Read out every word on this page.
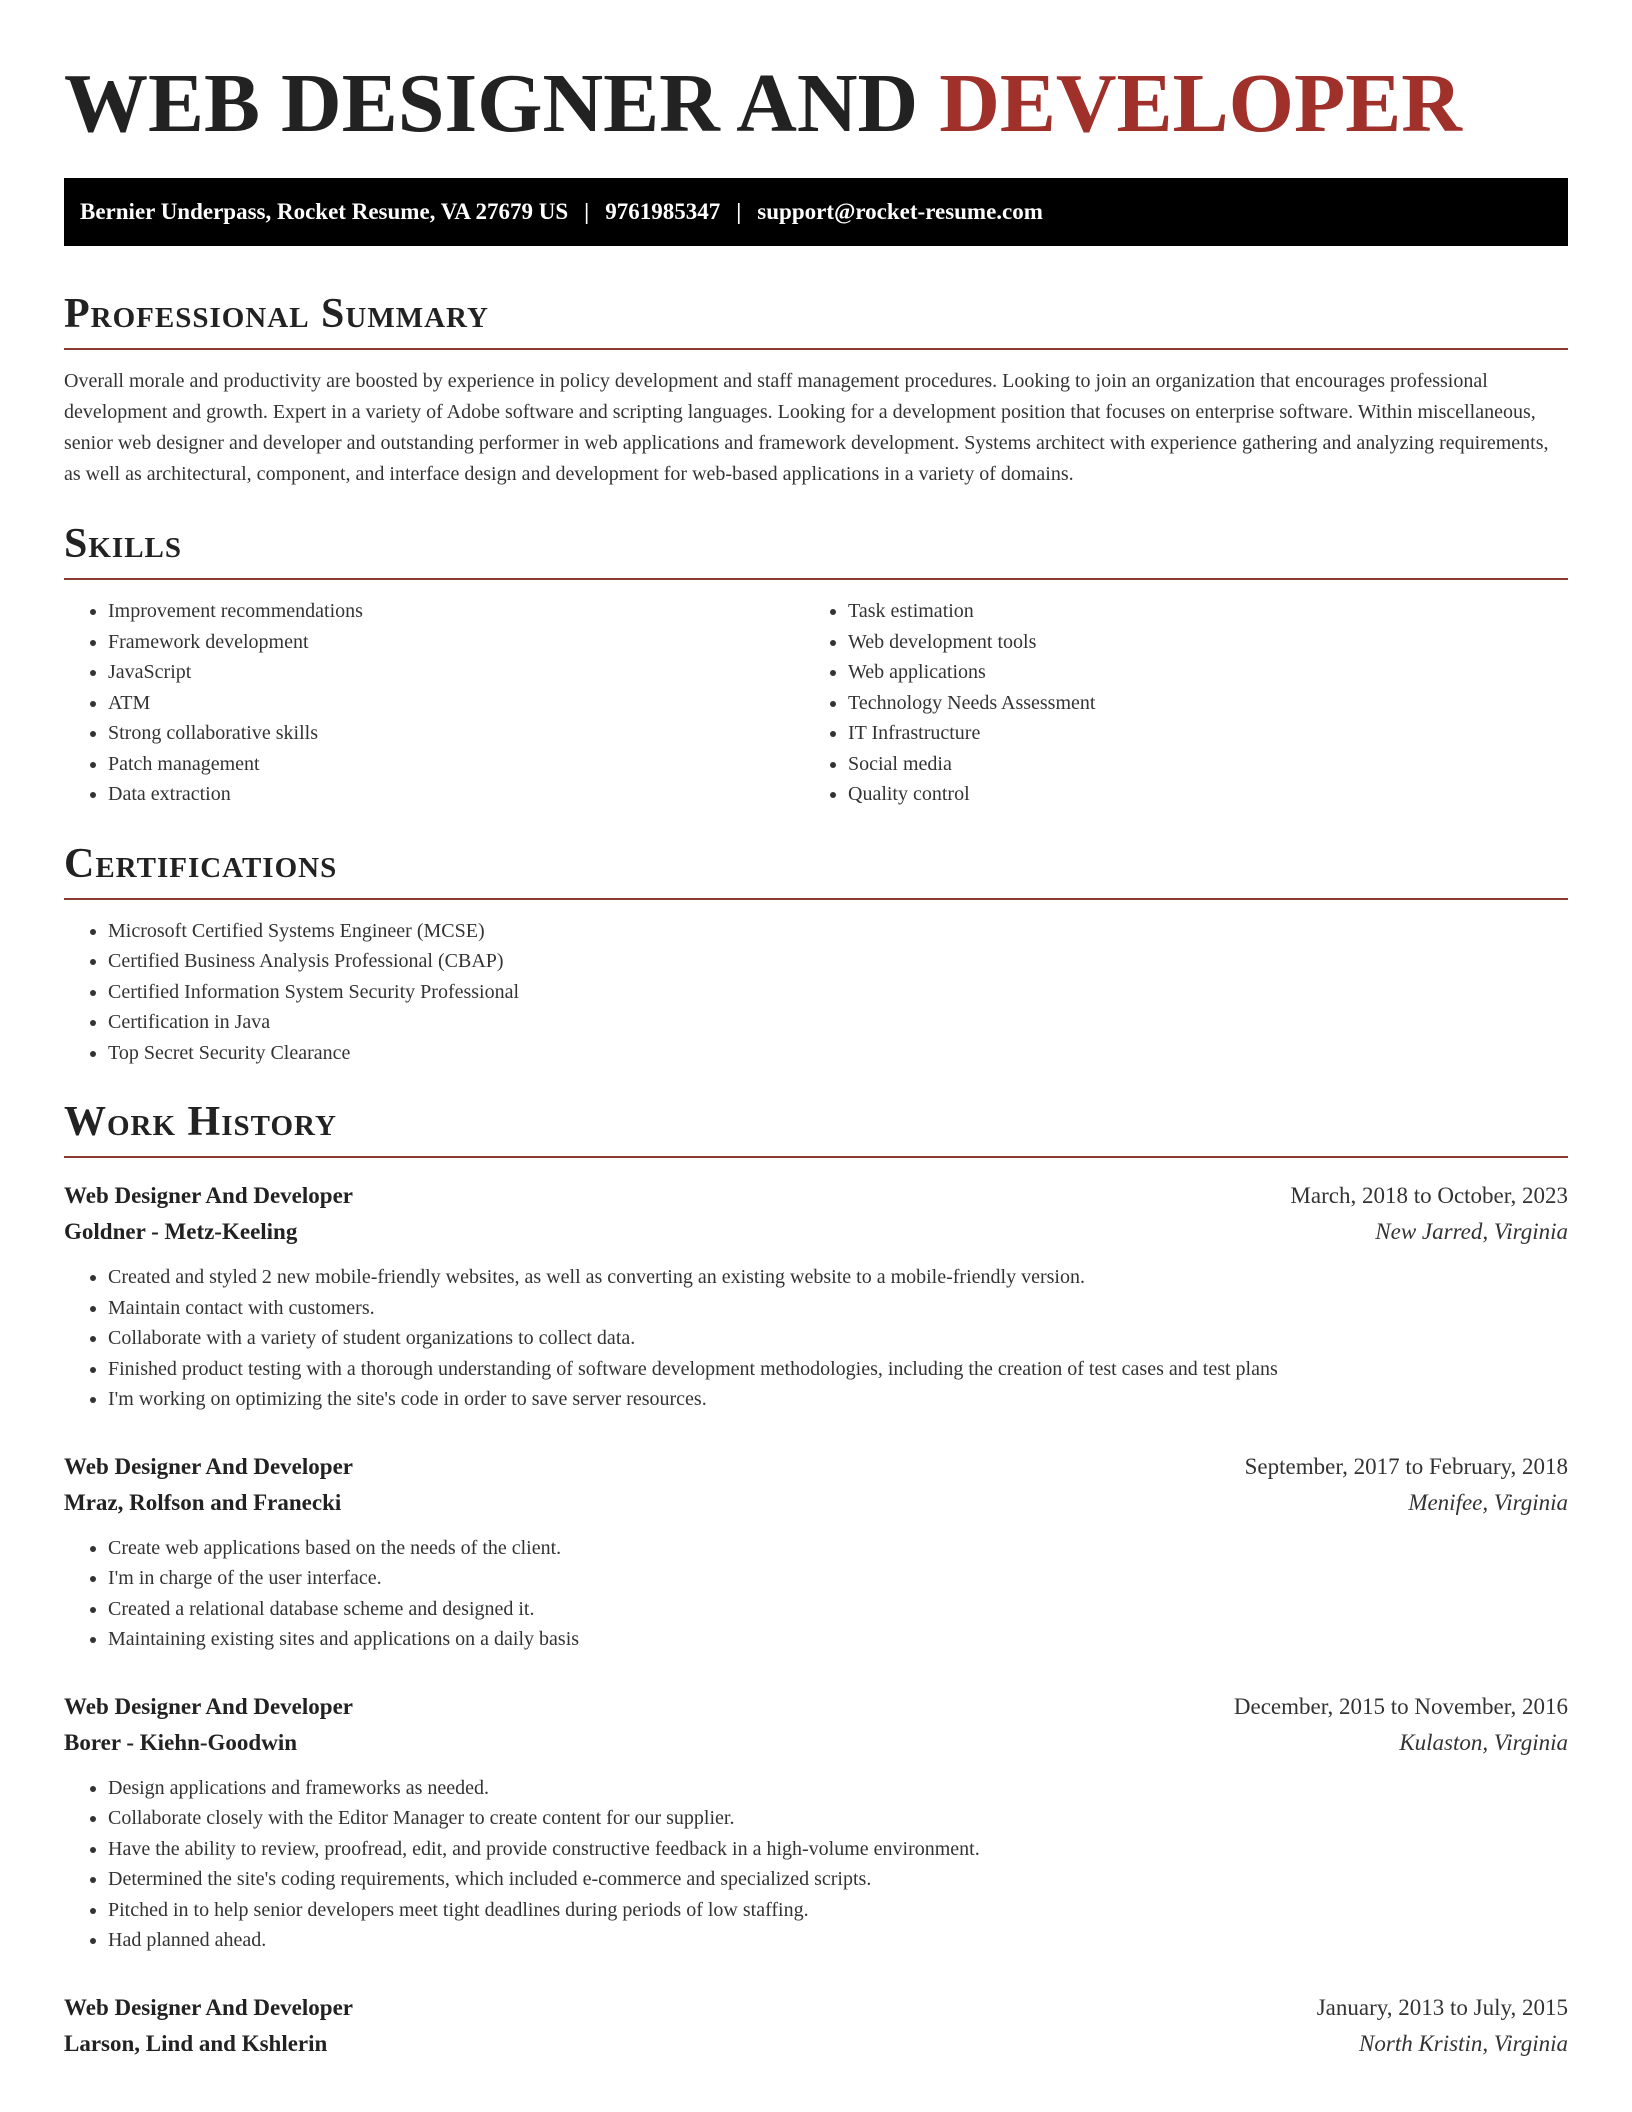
WEB DESIGNER AND DEVELOPER
Bernier Underpass, Rocket Resume, VA 27679 US | 9761985347 | support@rocket-resume.com
Professional Summary
Overall morale and productivity are boosted by experience in policy development and staff management procedures. Looking to join an organization that encourages professional development and growth. Expert in a variety of Adobe software and scripting languages. Looking for a development position that focuses on enterprise software. Within miscellaneous, senior web designer and developer and outstanding performer in web applications and framework development. Systems architect with experience gathering and analyzing requirements, as well as architectural, component, and interface design and development for web-based applications in a variety of domains.
Skills
• Improvement recommendations
• Framework development
• JavaScript
• ATM
• Strong collaborative skills
• Patch management
• Data extraction
• Task estimation
• Web development tools
• Web applications
• Technology Needs Assessment
• IT Infrastructure
• Social media
• Quality control
Certifications
• Microsoft Certified Systems Engineer (MCSE)
• Certified Business Analysis Professional (CBAP)
• Certified Information System Security Professional
• Certification in Java
• Top Secret Security Clearance
Work History
Web Designer And Developer	March, 2018 to October, 2023
Goldner - Metz-Keeling	New Jarred, Virginia
• Created and styled 2 new mobile-friendly websites, as well as converting an existing website to a mobile-friendly version.
• Maintain contact with customers.
• Collaborate with a variety of student organizations to collect data.
• Finished product testing with a thorough understanding of software development methodologies, including the creation of test cases and test plans
• I'm working on optimizing the site's code in order to save server resources.
Web Designer And Developer	September, 2017 to February, 2018
Mraz, Rolfson and Franecki	Menifee, Virginia
• Create web applications based on the needs of the client.
• I'm in charge of the user interface.
• Created a relational database scheme and designed it.
• Maintaining existing sites and applications on a daily basis
Web Designer And Developer	December, 2015 to November, 2016
Borer - Kiehn-Goodwin	Kulaston, Virginia
• Design applications and frameworks as needed.
• Collaborate closely with the Editor Manager to create content for our supplier.
• Have the ability to review, proofread, edit, and provide constructive feedback in a high-volume environment.
• Determined the site's coding requirements, which included e-commerce and specialized scripts.
• Pitched in to help senior developers meet tight deadlines during periods of low staffing.
• Had planned ahead.
Web Designer And Developer	January, 2013 to July, 2015
Larson, Lind and Kshlerin	North Kristin, Virginia
